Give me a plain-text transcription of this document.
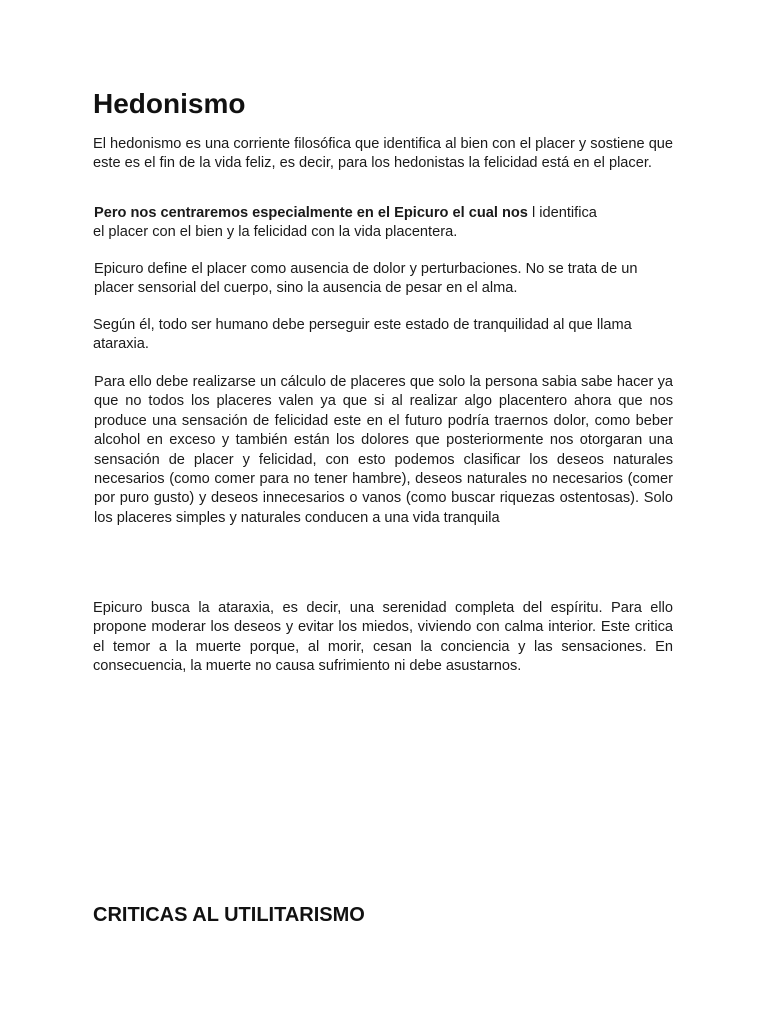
Hedonismo

El hedonismo es una corriente filosófica que identifica al bien con el placer y sostiene que este es el fin de la vida feliz, es decir, para los hedonistas la felicidad está en el placer.

Pero nos centraremos especialmente en el Epicuro el cual nos l identifica
el placer con el bien y la felicidad con la vida placentera.

Epicuro define el placer como ausencia de dolor y perturbaciones. No se trata de un placer sensorial del cuerpo, sino la ausencia de pesar en el alma.

Según él, todo ser humano debe perseguir este estado de tranquilidad al que llama ataraxia.

Para ello debe realizarse un cálculo de placeres que solo la persona sabia sabe hacer ya que no todos los placeres valen ya que si al realizar algo placentero ahora que nos produce una sensación de felicidad este en el futuro podría traernos dolor, como beber alcohol en exceso y también están los dolores que posteriormente nos otorgaran una sensación de placer y felicidad, con esto podemos clasificar los deseos naturales necesarios (como comer para no tener hambre), deseos naturales no necesarios (comer por puro gusto) y deseos innecesarios o vanos (como buscar riquezas ostentosas). Solo los placeres simples y naturales conducen a una vida tranquila

Epicuro busca la ataraxia, es decir, una serenidad completa del espíritu. Para ello propone moderar los deseos y evitar los miedos, viviendo con calma interior. Este critica el temor a la muerte porque, al morir, cesan la conciencia y las sensaciones. En consecuencia, la muerte no causa sufrimiento ni debe asustarnos.

CRITICAS AL UTILITARISMO
